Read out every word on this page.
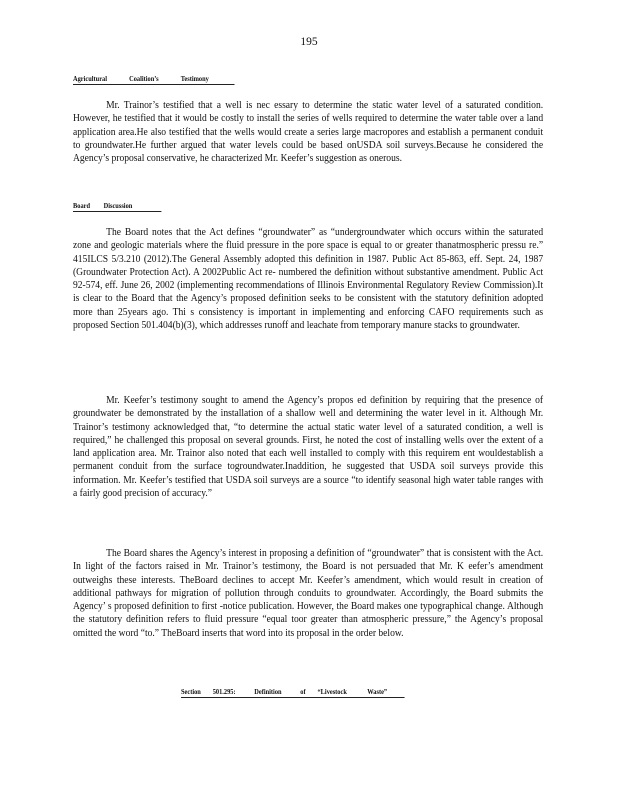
195
Agricultural	Coalition’s	Testimony

Mr. Trainor’s testified that a well is nec essary to determine the static water level of a saturated condition. However, he testified that it would be costly to install the series of wells required to determine the water table over a land application area.He also testified that the wells would create a series large macropores and establish a permanent conduit to groundwater.He further argued that water levels could be based onUSDA soil surveys.Because he considered the Agency’s proposal conservative, he characterized Mr. Keefer’s suggestion as onerous.

Board Discussion

The Board notes that the Act defines “groundwater” as “undergroundwater which occurs within the saturated zone and geologic materials where the fluid pressure in the pore space is equal to or greater thanatmospheric pressu re.” 415ILCS 5/3.210 (2012).The General Assembly adopted this definition in 1987. Public Act 85-863, eff. Sept. 24, 1987 (Groundwater Protection Act). A 2002Public Act re- numbered the definition without substantive amendment. Public Act 92-574, eff. June 26, 2002 (implementing recommendations of Illinois Environmental Regulatory Review Commission).It is clear to the Board that the Agency’s proposed definition seeks to be consistent with the statutory definition adopted more than 25years ago. Thi s consistency is important in implementing and enforcing CAFO requirements such as proposed Section 501.404(b)(3), which addresses runoff and leachate from temporary manure stacks to groundwater.

Mr. Keefer’s testimony sought to amend the Agency’s propos ed definition by requiring that the presence of groundwater be demonstrated by the installation of a shallow well and determining the water level in it. Although Mr. Trainor’s testimony acknowledged that, “to determine the actual static water level of a saturated condition, a well is required,” he challenged this proposal on several grounds. First, he noted the cost of installing wells over the extent of a land application area. Mr. Trainor also noted that each well installed to comply with this requirem ent wouldestablish a permanent conduit from the surface togroundwater.Inaddition, he suggested that USDA soil surveys provide this information. Mr. Keefer’s testified that USDA soil surveys are a source “to identify seasonal high water table ranges with a fairly good precision of accuracy.”

The Board shares the Agency’s interest in proposing a definition of “groundwater” that is consistent with the Act. In light of the factors raised in Mr. Trainor’s testimony, the Board is not persuaded that Mr. K eefer’s amendment outweighs these interests. TheBoard declines to accept Mr. Keefer’s amendment, which would result in creation of additional pathways for migration of pollution through conduits to groundwater. Accordingly, the Board submits the Agency’ s proposed definition to first -notice publication. However, the Board makes one typographical change. Although the statutory definition refers to fluid pressure “equal toor greater than atmospheric pressure,” the Agency’s proposal omitted the word “to.” TheBoard inserts that word into its proposal in the order below.

Section 501.295: Definition of “Livestock	Waste”
